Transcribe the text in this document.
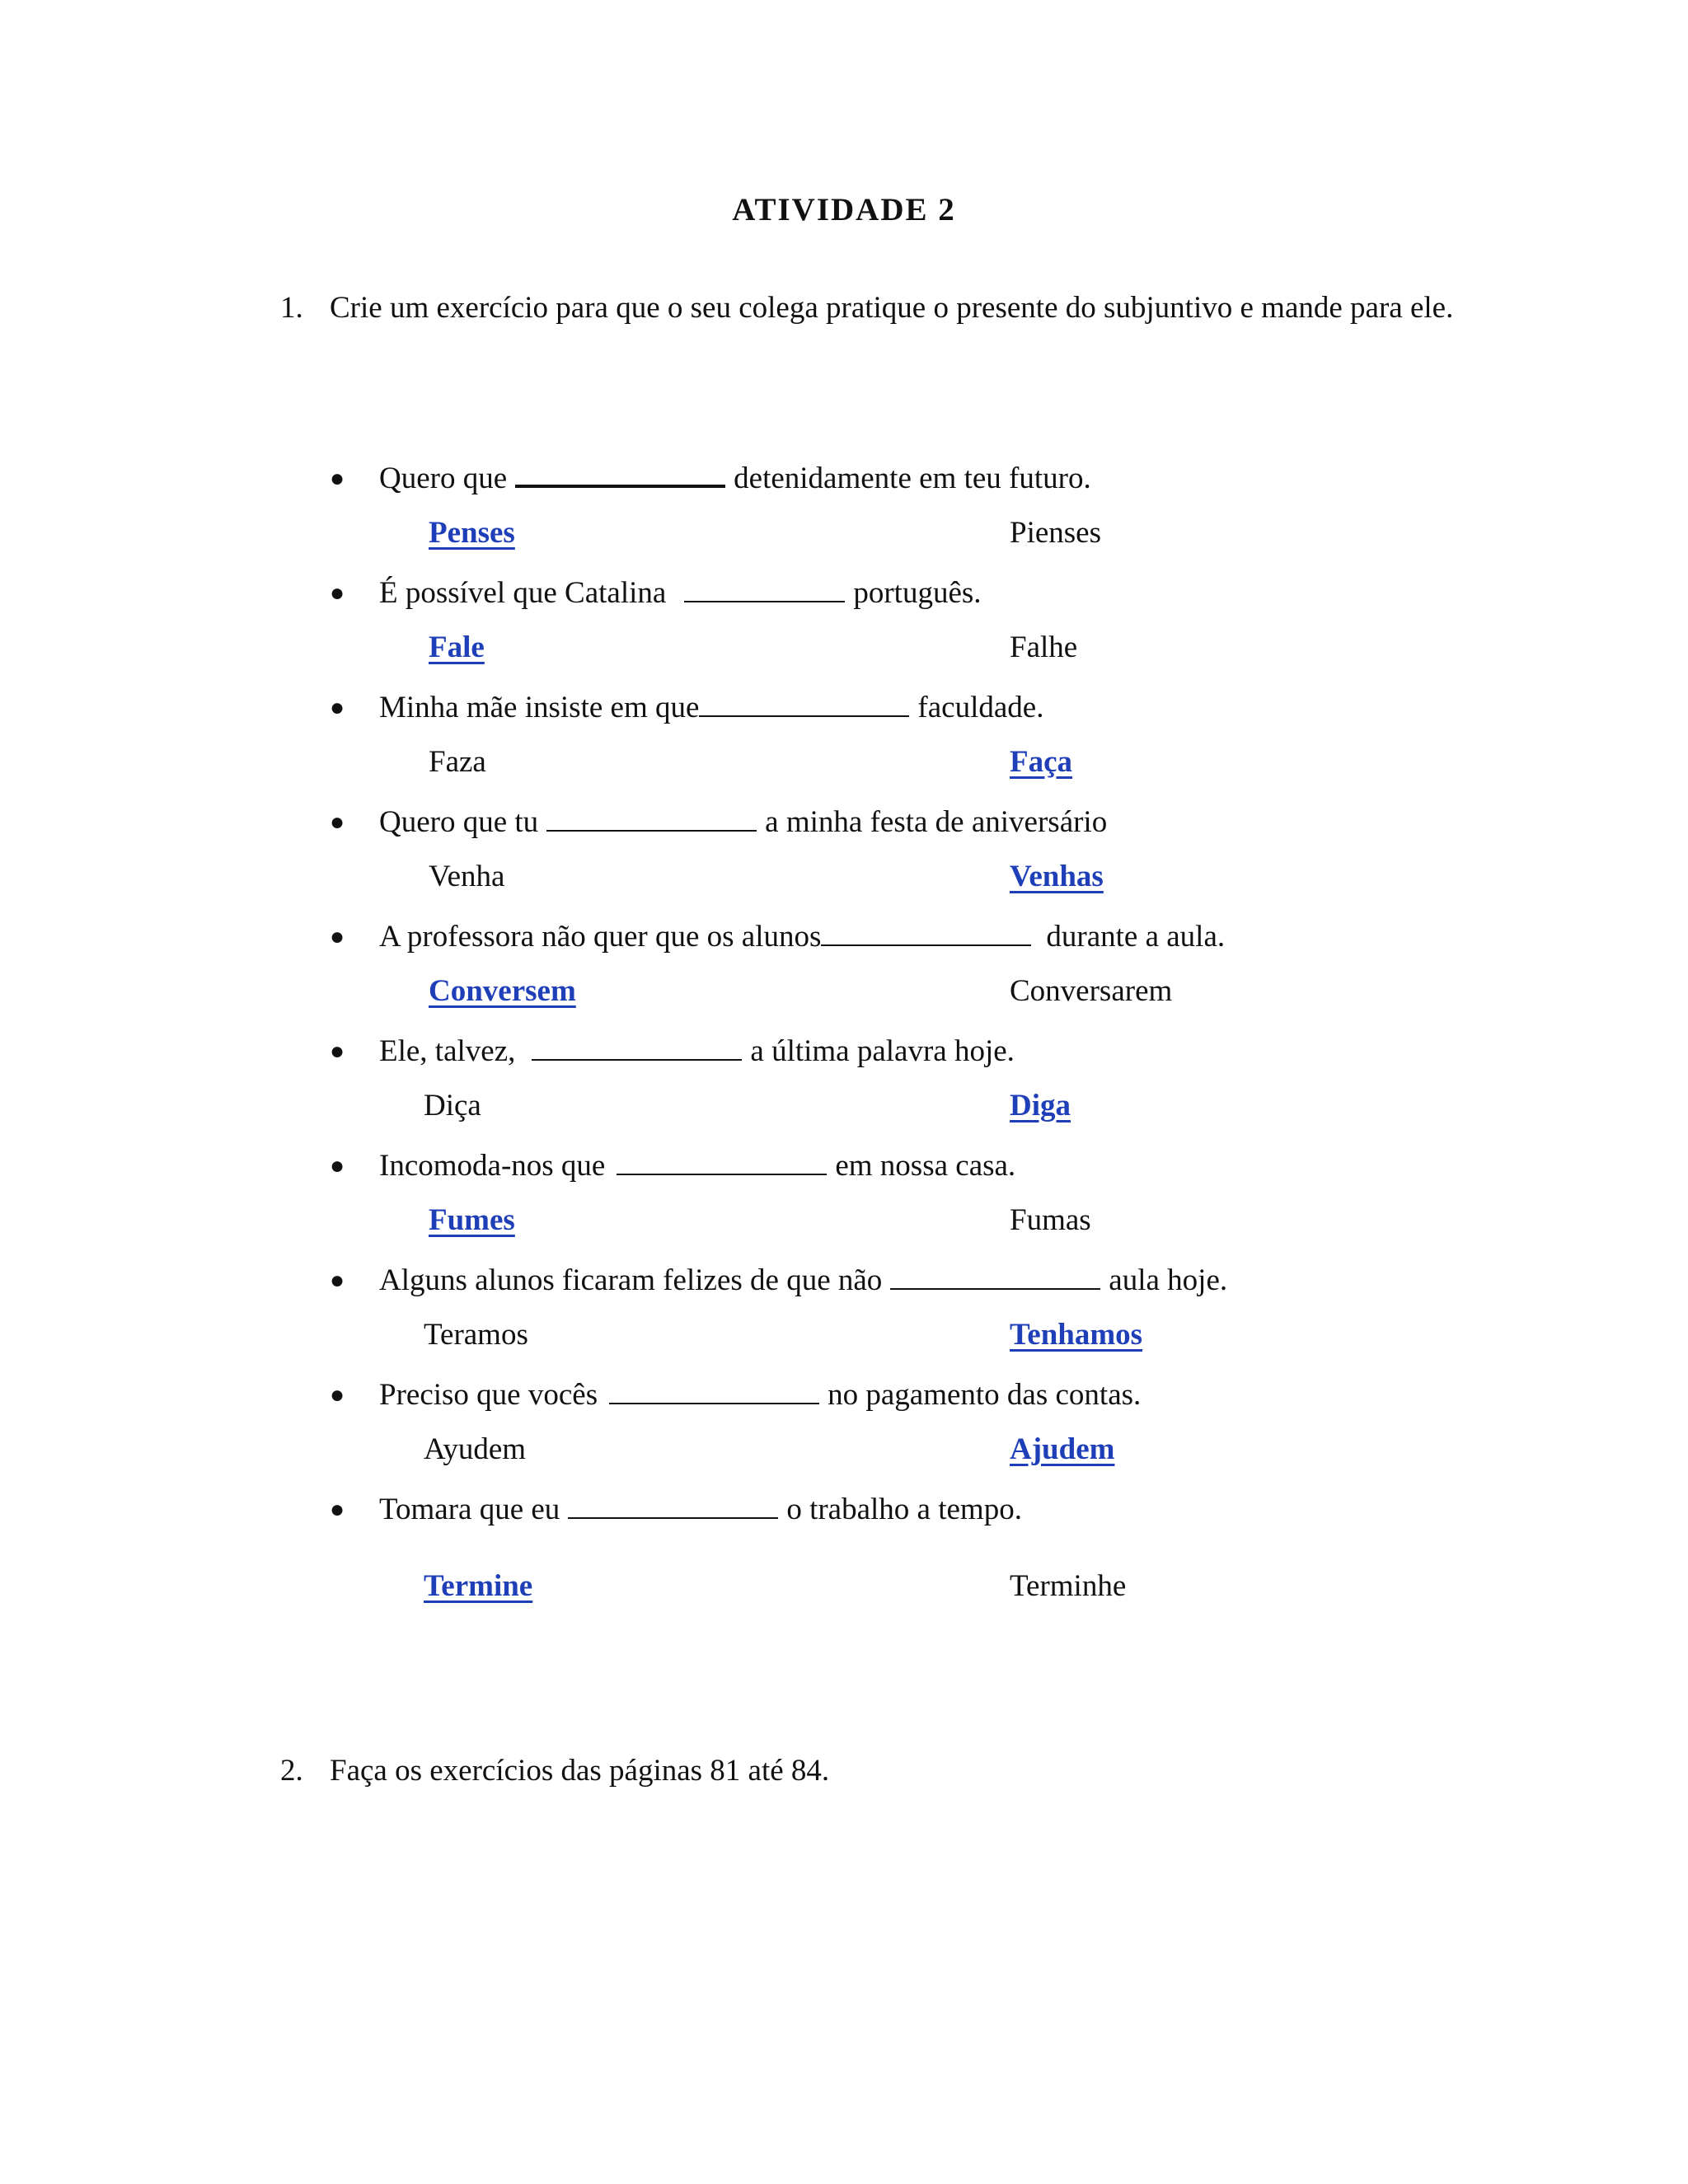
ATIVIDADE 2
1. Crie um exercício para que o seu colega pratique o presente do subjuntivo e mande para ele.
● Quero que	detenidamente em teu futuro.
Penses	Pienses
● É possível que Catalina	português.
Fale	Falhe
● Minha mãe insiste em que	faculdade.
Faza	Faça
● Quero que tu	a minha festa de aniversário
Venha	Venhas
● A professora não quer que os alunos	durante a aula.
Conversem	Conversarem
● Ele, talvez,	a última palavra hoje.
Diça	Diga
● Incomoda-nos que	em nossa casa.
Fumes	Fumas
● Alguns alunos ficaram felizes de que não	aula hoje.
Teramos	Tenhamos
● Preciso que vocês	no pagamento das contas.
Ayudem	Ajudem
● Tomara que eu	o trabalho a tempo.
Termine	Terminhe
2. Faça os exercícios das páginas 81 até 84.
